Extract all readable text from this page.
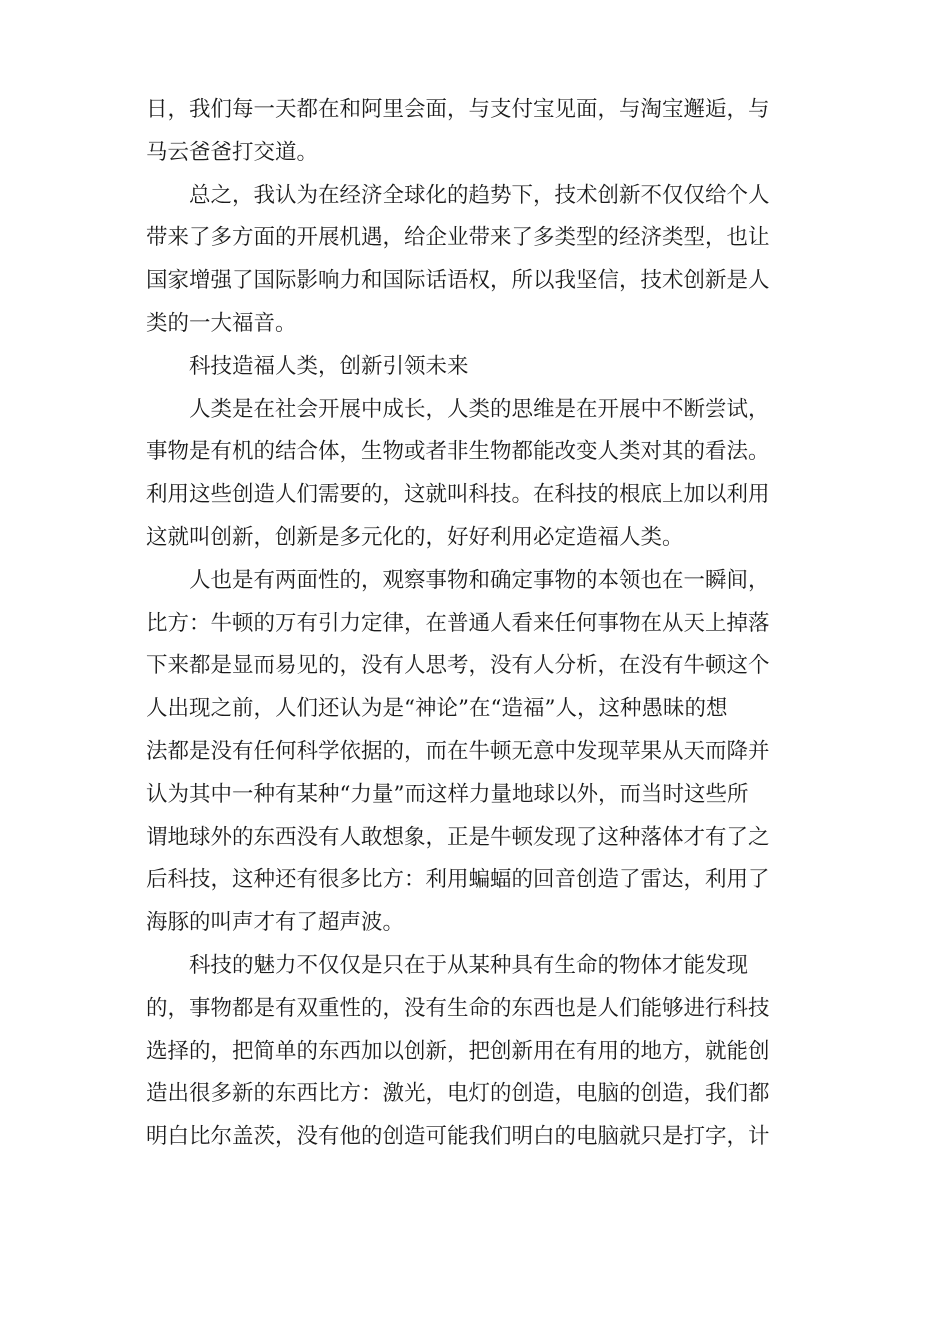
日，我们每一天都在和阿里会面，与支付宝见面，与淘宝邂逅，与
马云爸爸打交道。
总之，我认为在经济全球化的趋势下，技术创新不仅仅给个人
带来了多方面的开展机遇，给企业带来了多类型的经济类型，也让
国家增强了国际影响力和国际话语权，所以我坚信，技术创新是人
类的一大福音。
科技造福人类，创新引领未来
人类是在社会开展中成长，人类的思维是在开展中不断尝试，
事物是有机的结合体，生物或者非生物都能改变人类对其的看法。
利用这些创造人们需要的，这就叫科技。在科技的根底上加以利用
这就叫创新，创新是多元化的，好好利用必定造福人类。
人也是有两面性的，观察事物和确定事物的本领也在一瞬间，
比方：牛顿的万有引力定律，在普通人看来任何事物在从天上掉落
下来都是显而易见的，没有人思考，没有人分析，在没有牛顿这个
人出现之前，人们还认为是“神论”在“造福”人，这种愚昧的想
法都是没有任何科学依据的，而在牛顿无意中发现苹果从天而降并
认为其中一种有某种“力量”而这样力量地球以外，而当时这些所
谓地球外的东西没有人敢想象，正是牛顿发现了这种落体才有了之
后科技，这种还有很多比方：利用蝙蝠的回音创造了雷达，利用了
海豚的叫声才有了超声波。
科技的魅力不仅仅是只在于从某种具有生命的物体才能发现
的，事物都是有双重性的，没有生命的东西也是人们能够进行科技
选择的，把简单的东西加以创新，把创新用在有用的地方，就能创
造出很多新的东西比方：激光，电灯的创造，电脑的创造，我们都
明白比尔盖茨，没有他的创造可能我们明白的电脑就只是打字，计
